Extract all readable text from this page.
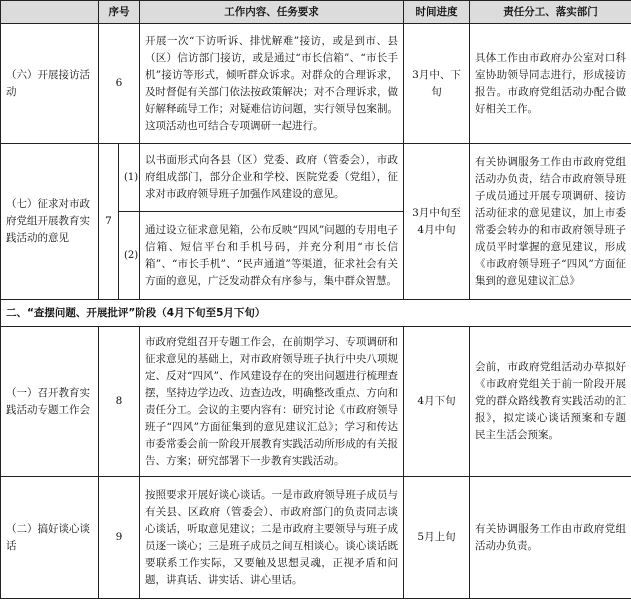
	序号		工作内容、任务要求	时间进度	责任分工、落实部门
（六）开展接访活动	6		开展一次“下访听诉、排忧解难”接访，或是到市、县（区）信访部门接访，或是通过“市长信箱”、“市长手机”接访等形式，倾听群众诉求。对群众的合理诉求，及时督促有关部门依法按政策解决；对不合理诉求，做好解释疏导工作；对疑难信访问题，实行领导包案制。这项活动也可结合专项调研一起进行。	3月中、下旬	具体工作由市政府办公室对口科室协助领导同志进行，形成接访报告。市政府党组活动办配合做好相关工作。
（七）征求对市政府党组开展教育实践活动的意见	7	(1)	以书面形式向各县（区）党委、政府（管委会），市政府组成部门，部分企业和学校、医院党委（党组），征求对市政府领导班子加强作风建设的意见。	3月中旬至4月中旬	有关协调服务工作由市政府党组活动办负责，结合市政府领导班子成员通过开展专项调研、接访活动征求的意见建议，加上市委常委会转办的和市政府领导班子成员平时掌握的意见建议，形成《市政府领导班子“四风”方面征集到的意见建议汇总》
		(2)	通过设立征求意见箱，公布反映“四风”问题的专用电子信箱、短信平台和手机号码，并充分利用“市长信箱”、“市长手机”、“民声通道”等渠道，征求社会有关方面的意见，广泛发动群众有序参与，集中群众智慧。		
二、“查摆问题、开展批评”阶段（4月下旬至5月下旬）					
（一）召开教育实践活动专题工作会	8		市政府党组召开专题工作会，在前期学习、专项调研和征求意见的基础上，对市政府领导班子执行中央八项规定、反对“四风”、作风建设存在的突出问题进行梳理查摆，坚持边学边改、边查边改，明确整改重点、方向和责任分工。会议的主要内容有：研究讨论《市政府领导班子“四风”方面征集到的意见建议汇总》；学习和传达市委常委会前一阶段开展教育实践活动所形成的有关报告、方案；研究部署下一步教育实践活动。	4月下旬	会前，市政府党组活动办草拟好《市政府党组关于前一阶段开展党的群众路线教育实践活动的汇报》，拟定谈心谈话预案和专题民主生活会预案。
（二）搞好谈心谈话	9		按照要求开展好谈心谈话。一是市政府领导班子成员与有关县、区政府（管委会）、市政府部门的负责同志谈心谈话，听取意见建议；二是市政府主要领导与班子成员逐一谈心；三是班子成员之间互相谈心。谈心谈话既要联系工作实际，又要触及思想灵魂，正视矛盾和问题，讲真话、讲实话、讲心里话。	5月上旬	有关协调服务工作由市政府党组活动办负责。
